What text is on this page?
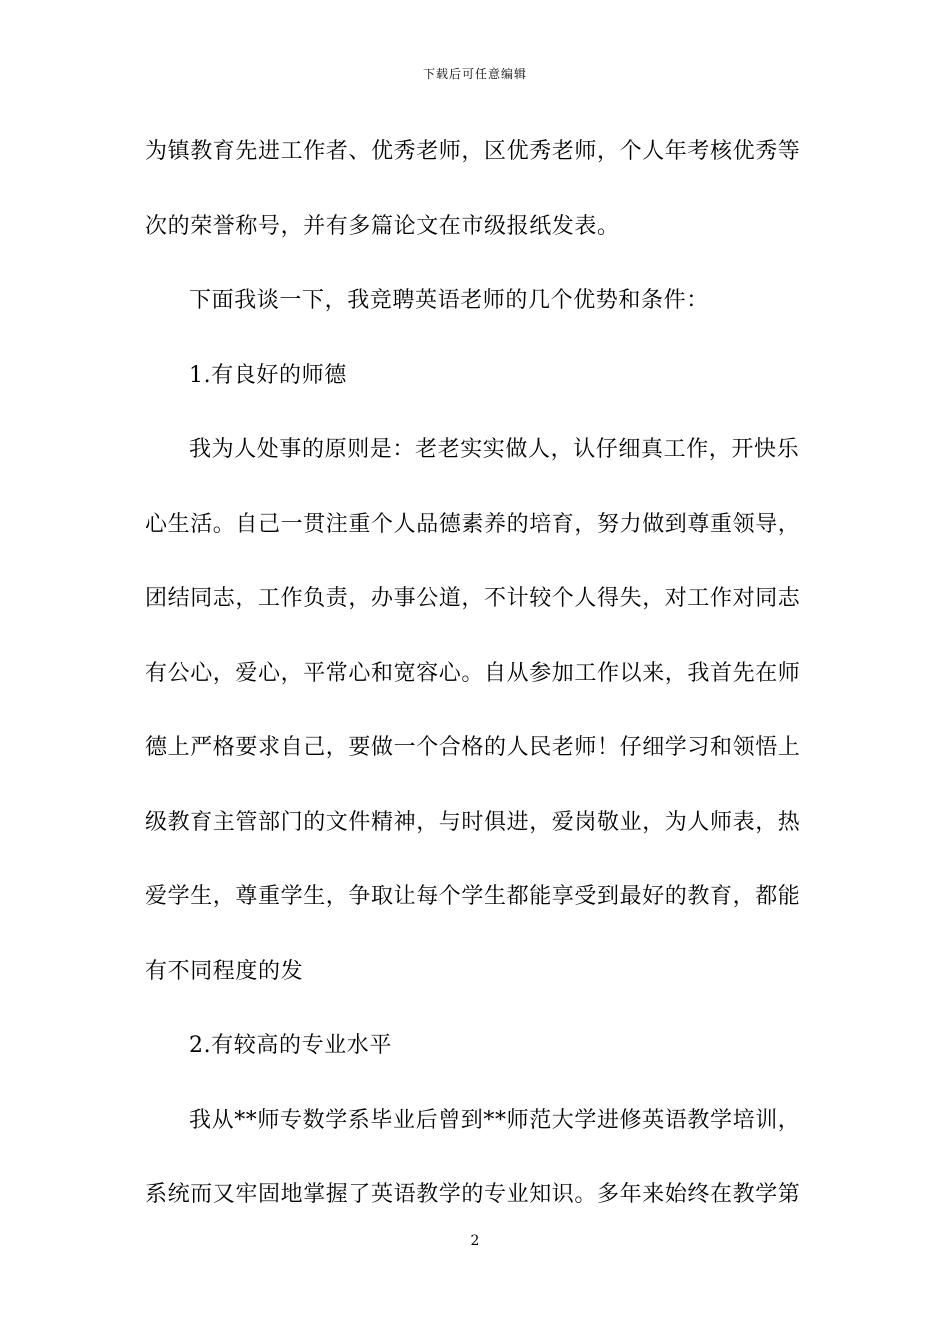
下载后可任意编辑
为镇教育先进工作者、优秀老师，区优秀老师，个人年考核优秀等
次的荣誉称号，并有多篇论文在市级报纸发表。
下面我谈一下，我竞聘英语老师的几个优势和条件：
1.有良好的师德
我为人处事的原则是：老老实实做人，认仔细真工作，开快乐
心生活。自己一贯注重个人品德素养的培育，努力做到尊重领导，
团结同志，工作负责，办事公道，不计较个人得失，对工作对同志
有公心，爱心，平常心和宽容心。自从参加工作以来，我首先在师
德上严格要求自己，要做一个合格的人民老师！仔细学习和领悟上
级教育主管部门的文件精神，与时俱进，爱岗敬业，为人师表，热
爱学生，尊重学生，争取让每个学生都能享受到最好的教育，都能
有不同程度的发
2.有较高的专业水平
我从**师专数学系毕业后曾到**师范大学进修英语教学培训，
系统而又牢固地掌握了英语教学的专业知识。多年来始终在教学第
2
